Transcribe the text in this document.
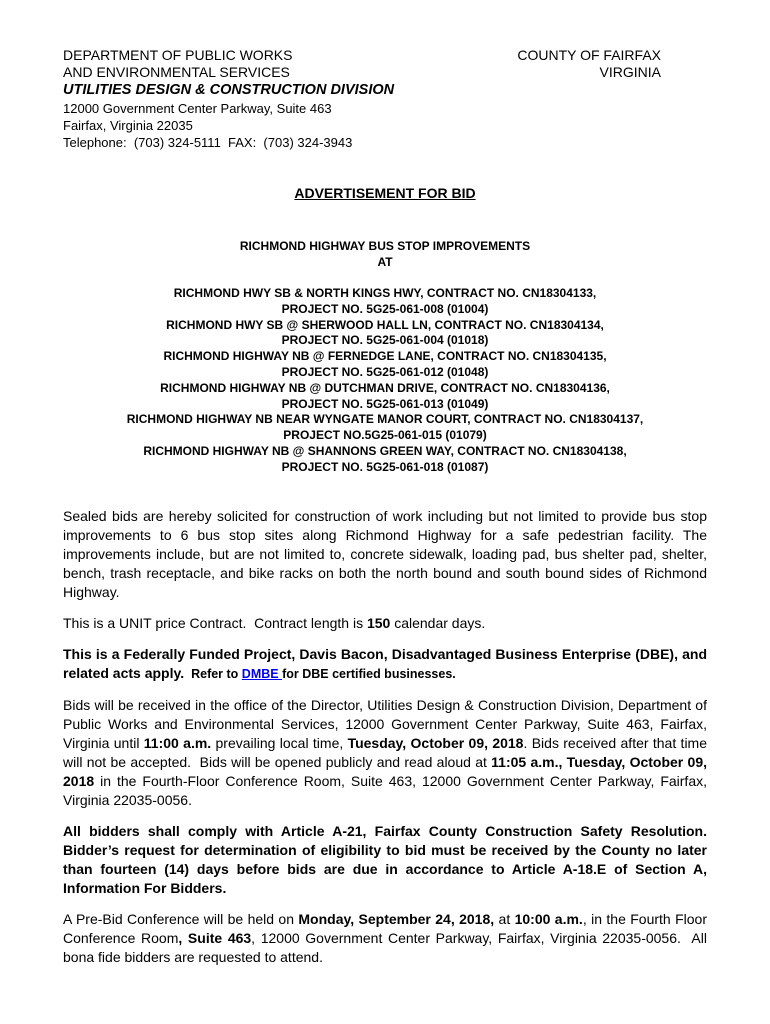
DEPARTMENT OF PUBLIC WORKS
AND ENVIRONMENTAL SERVICES
UTILITIES DESIGN & CONSTRUCTION DIVISION
12000 Government Center Parkway, Suite 463
Fairfax, Virginia 22035
Telephone:  (703) 324-5111  FAX:  (703) 324-3943
COUNTY OF FAIRFAX
VIRGINIA
ADVERTISEMENT FOR BID
RICHMOND HIGHWAY BUS STOP IMPROVEMENTS
AT
RICHMOND HWY SB & NORTH KINGS HWY, CONTRACT NO. CN18304133,
PROJECT NO. 5G25-061-008 (01004)
RICHMOND HWY SB @ SHERWOOD HALL LN, CONTRACT NO. CN18304134,
PROJECT NO. 5G25-061-004 (01018)
RICHMOND HIGHWAY NB @ FERNEDGE LANE, CONTRACT NO. CN18304135,
PROJECT NO. 5G25-061-012 (01048)
RICHMOND HIGHWAY NB @ DUTCHMAN DRIVE, CONTRACT NO. CN18304136,
PROJECT NO. 5G25-061-013 (01049)
RICHMOND HIGHWAY NB NEAR WYNGATE MANOR COURT, CONTRACT NO. CN18304137,
PROJECT NO.5G25-061-015 (01079)
RICHMOND HIGHWAY NB @ SHANNONS GREEN WAY, CONTRACT NO. CN18304138,
PROJECT NO. 5G25-061-018 (01087)

Sealed bids are hereby solicited for construction of work including but not limited to provide bus stop improvements to 6 bus stop sites along Richmond Highway for a safe pedestrian facility. The improvements include, but are not limited to, concrete sidewalk, loading pad, bus shelter pad, shelter, bench, trash receptacle, and bike racks on both the north bound and south bound sides of Richmond Highway.

This is a UNIT price Contract.  Contract length is 150 calendar days.

This is a Federally Funded Project, Davis Bacon, Disadvantaged Business Enterprise (DBE), and related acts apply.  Refer to DMBE for DBE certified businesses.

Bids will be received in the office of the Director, Utilities Design & Construction Division, Department of Public Works and Environmental Services, 12000 Government Center Parkway, Suite 463, Fairfax, Virginia until 11:00 a.m. prevailing local time, Tuesday, October 09, 2018. Bids received after that time will not be accepted.  Bids will be opened publicly and read aloud at 11:05 a.m., Tuesday, October 09, 2018 in the Fourth-Floor Conference Room, Suite 463, 12000 Government Center Parkway, Fairfax, Virginia 22035-0056.

All bidders shall comply with Article A-21, Fairfax County Construction Safety Resolution. Bidder’s request for determination of eligibility to bid must be received by the County no later than fourteen (14) days before bids are due in accordance to Article A-18.E of Section A, Information For Bidders.

A Pre-Bid Conference will be held on Monday, September 24, 2018, at 10:00 a.m., in the Fourth Floor Conference Room, Suite 463, 12000 Government Center Parkway, Fairfax, Virginia 22035-0056.  All bona fide bidders are requested to attend.
